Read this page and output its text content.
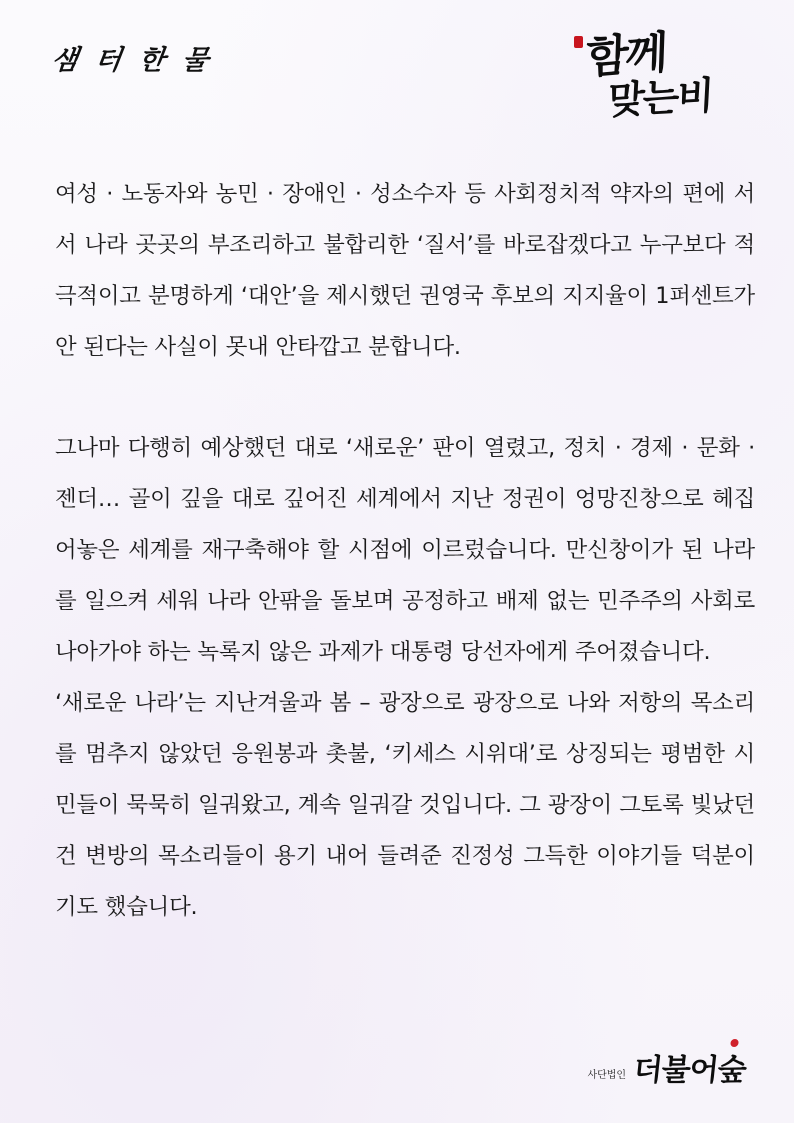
샘 터 한 물	함께
맞는비

여성 · 노동자와 농민 · 장애인 · 성소수자 등 사회정치적 약자의 편에 서서 나라 곳곳의 부조리하고 불합리한 ‘질서’를 바로잡겠다고 누구보다 적극적이고 분명하게 ‘대안’을 제시했던 권영국 후보의 지지율이 1퍼센트가 안 된다는 사실이 못내 안타깝고 분합니다.

그나마 다행히 예상했던 대로 ‘새로운’ 판이 열렸고, 정치 · 경제 · 문화 · 젠더… 골이 깊을 대로 깊어진 세계에서 지난 정권이 엉망진창으로 헤집어놓은 세계를 재구축해야 할 시점에 이르렀습니다. 만신창이가 된 나라를 일으켜 세워 나라 안팎을 돌보며 공정하고 배제 없는 민주주의 사회로 나아가야 하는 녹록지 않은 과제가 대통령 당선자에게 주어졌습니다.

‘새로운 나라’는 지난겨울과 봄 – 광장으로 광장으로 나와 저항의 목소리를 멈추지 않았던 응원봉과 촛불, ‘키세스 시위대’로 상징되는 평범한 시민들이 묵묵히 일궈왔고, 계속 일궈갈 것입니다. 그 광장이 그토록 빛났던 건 변방의 목소리들이 용기 내어 들려준 진정성 그득한 이야기들 덕분이기도 했습니다.

사단법인 더불어숲
